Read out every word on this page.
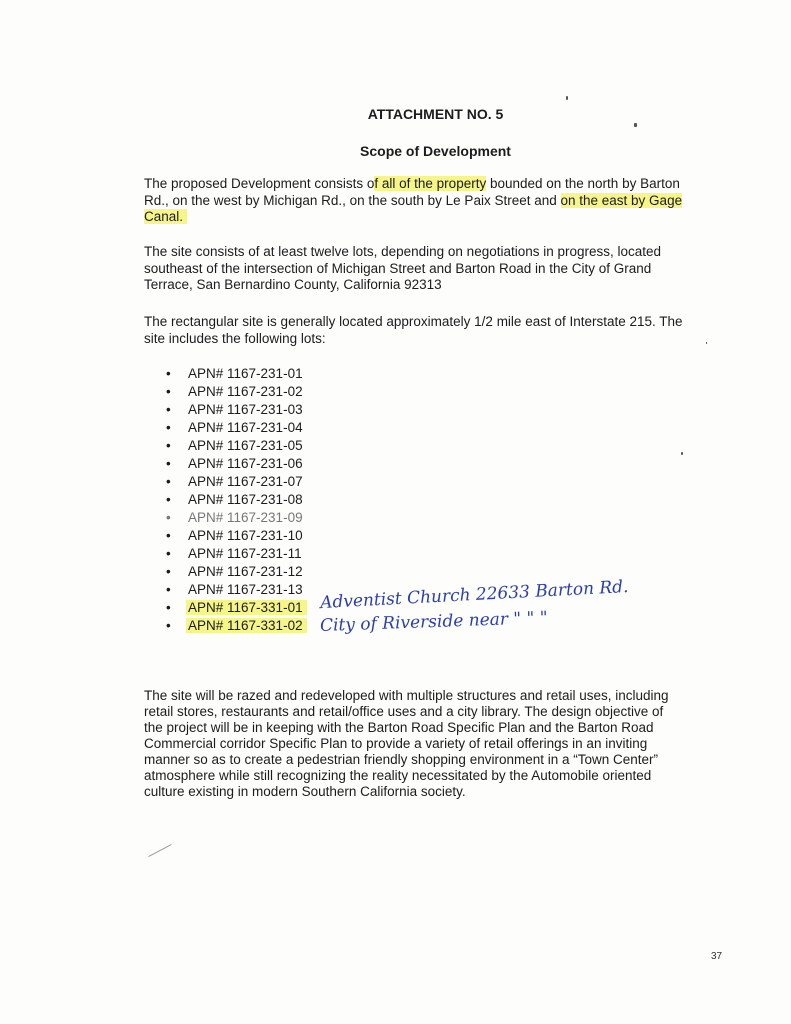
ATTACHMENT NO. 5
Scope of Development

The proposed Development consists of all of the property bounded on the north by Barton Rd., on the west by Michigan Rd., on the south by Le Paix Street and on the east by Gage Canal.

The site consists of at least twelve lots, depending on negotiations in progress, located southeast of the intersection of Michigan Street and Barton Road in the City of Grand Terrace, San Bernardino County, California 92313

The rectangular site is generally located approximately 1/2 mile east of Interstate 215. The site includes the following lots:

• APN# 1167-231-01
• APN# 1167-231-02
• APN# 1167-231-03
• APN# 1167-231-04
• APN# 1167-231-05
• APN# 1167-231-06
• APN# 1167-231-07
• APN# 1167-231-08
• APN# 1167-231-09
• APN# 1167-231-10
• APN# 1167-231-11
• APN# 1167-231-12
• APN# 1167-231-13
• APN# 1167-331-01
• APN# 1167-331-02
Adventist Church 22633 Barton Rd.
City of Riverside near " " "

The site will be razed and redeveloped with multiple structures and retail uses, including retail stores, restaurants and retail/office uses and a city library. The design objective of the project will be in keeping with the Barton Road Specific Plan and the Barton Road Commercial corridor Specific Plan to provide a variety of retail offerings in an inviting manner so as to create a pedestrian friendly shopping environment in a “Town Center” atmosphere while still recognizing the reality necessitated by the Automobile oriented culture existing in modern Southern California society.

37
